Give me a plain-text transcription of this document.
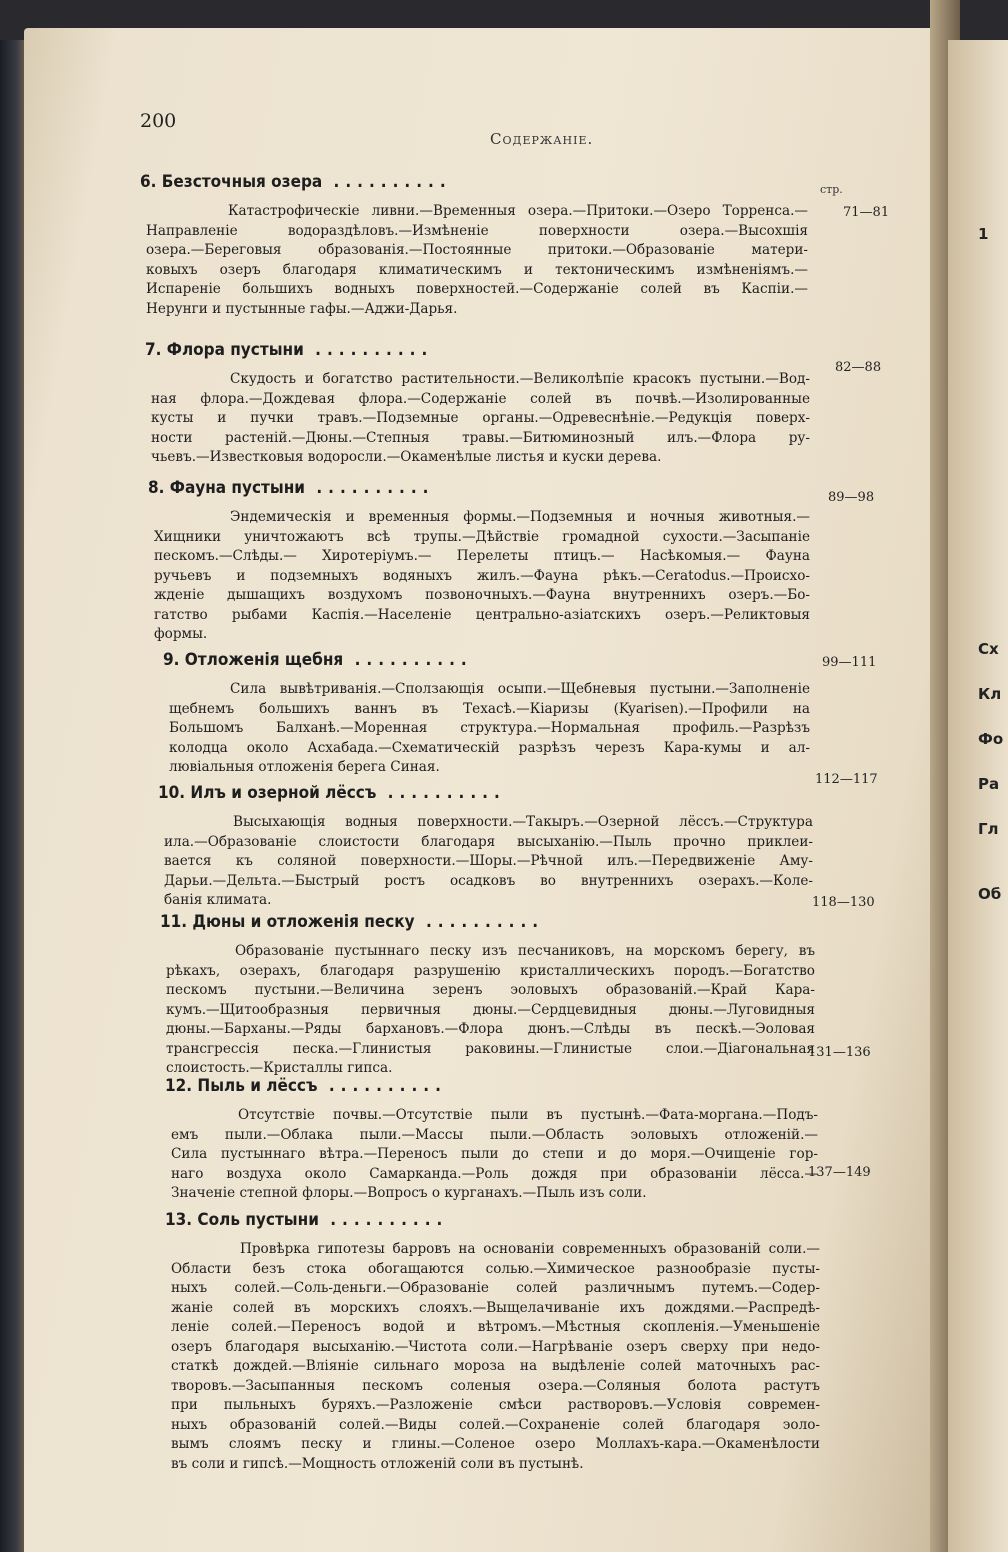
1
Сх
Кл
Фо
Ра
Гл
Об
200
Содержанiе.
стр.
6. Безсточныя озера ..........
71—81
Катастрофическiе ливни.—Временныя озера.—Притоки.—Озеро Торренса.—
Направленiе водораздѣловъ.—Измѣненiе поверхности озера.—Высохшiя
озера.—Береговыя образованiя.—Постоянные притоки.—Образованiе матери-
ковыхъ озеръ благодаря климатическимъ и тектоническимъ измѣненiямъ.—
Испаренiе большихъ водныхъ поверхностей.—Содержанiе солей въ Каспiи.—
Нерунги и пустынные гафы.—Аджи-Дарья.
7. Флора пустыни ..........
82—88
Скудость и богатство растительности.—Великолѣпiе красокъ пустыни.—Вод-
ная флора.—Дождевая флора.—Содержанiе солей въ почвѣ.—Изолированные
кусты и пучки травъ.—Подземные органы.—Одревеснѣнiе.—Редукцiя поверх-
ности растенiй.—Дюны.—Степныя травы.—Битюминозный илъ.—Флора ру-
чьевъ.—Известковыя водоросли.—Окаменѣлые листья и куски дерева.
8. Фауна пустыни ..........	89—98
Эндемическiя и временныя формы.—Подземныя и ночныя животныя.—
Хищники уничтожаютъ всѣ трупы.—Дѣйствiе громадной сухости.—Засыпанiе
пескомъ.—Слѣды.— Хиротерiумъ.— Перелеты птицъ.— Насѣкомыя.— Фауна
ручьевъ и подземныхъ водяныхъ жилъ.—Фауна рѣкъ.—Ceratodus.—Происхо-
жденiе дышащихъ воздухомъ позвоночныхъ.—Фауна внутреннихъ озеръ.—Бо-
гатство рыбами Каспiя.—Населенiе центрально-азiатскихъ озеръ.—Реликтовыя
формы.
9. Отложенiя щебня ..........	99—111
Сила вывѣтриванiя.—Сползающiя осыпи.—Щебневыя пустыни.—Заполненiе
щебнемъ большихъ ваннъ въ Техасѣ.—Кiаризы (Kyarisen).—Профили на
Большомъ Балханѣ.—Моренная структура.—Нормальная профиль.—Разрѣзъ
колодца около Асхабада.—Схематическiй разрѣзъ черезъ Кара-кумы и ал-
лювiальныя отложенiя берега Синая.
10. Илъ и озерной лёссъ ..........
112—117
Высыхающiя водныя поверхности.—Такыръ.—Озерной лёссъ.—Структура
ила.—Образованiе слоистости благодаря высыханiю.—Пыль прочно приклеи-
вается къ соляной поверхности.—Шоры.—Рѣчной илъ.—Передвиженiе Аму-
Дарьи.—Дельта.—Быстрый ростъ осадковъ во внутреннихъ озерахъ.—Коле-
банiя климата.
11. Дюны и отложенiя песку ..........
118—130
Образованiе пустыннаго песку изъ песчаниковъ, на морскомъ берегу, въ
рѣкахъ, озерахъ, благодаря разрушенiю кристаллическихъ породъ.—Богатство
пескомъ пустыни.—Величина зеренъ эоловыхъ образованiй.—Край Кара-
кумъ.—Щитообразныя первичныя дюны.—Сердцевидныя дюны.—Луговидныя
дюны.—Барханы.—Ряды бархановъ.—Флора дюнъ.—Слѣды въ пескѣ.—Эоловая
трансгрессiя песка.—Глинистыя раковины.—Глинистые слои.—Дiагональная
слоистость.—Кристаллы гипса.
12. Пыль и лёссъ ..........
131—136
Отсутствiе почвы.—Отсутствiе пыли въ пустынѣ.—Фата-моргана.—Подъ-
емъ пыли.—Облака пыли.—Массы пыли.—Область эоловыхъ отложенiй.—
Сила пустыннаго вѣтра.—Переносъ пыли до степи и до моря.—Очищенiе гор-
наго воздуха около Самарканда.—Роль дождя при образованiи лёсса.—
Значенiе степной флоры.—Вопросъ о курганахъ.—Пыль изъ соли.
13. Соль пустыни ..........
137—149
Провѣрка гипотезы барровъ на основанiи современныхъ образованiй соли.—
Области безъ стока обогащаются солью.—Химическое разнообразiе пусты-
ныхъ солей.—Соль-деньги.—Образованiе солей различнымъ путемъ.—Содер-
жанiе солей въ морскихъ слояхъ.—Выщелачиванiе ихъ дождями.—Распредѣ-
ленiе солей.—Переносъ водой и вѣтромъ.—Мѣстныя скопленiя.—Уменьшенiе
озеръ благодаря высыханiю.—Чистота соли.—Нагрѣванiе озеръ сверху при недо-
статкѣ дождей.—Влiянiе сильнаго мороза на выдѣленiе солей маточныхъ рас-
творовъ.—Засыпанныя пескомъ соленыя озера.—Соляныя болота растутъ
при пыльныхъ буряхъ.—Разложенiе смѣси растворовъ.—Условiя современ-
ныхъ образованiй солей.—Виды солей.—Сохраненiе солей благодаря эоло-
вымъ слоямъ песку и глины.—Соленое озеро Моллахъ-кара.—Окаменѣлости
въ соли и гипсѣ.—Мощность отложенiй соли въ пустынѣ.
